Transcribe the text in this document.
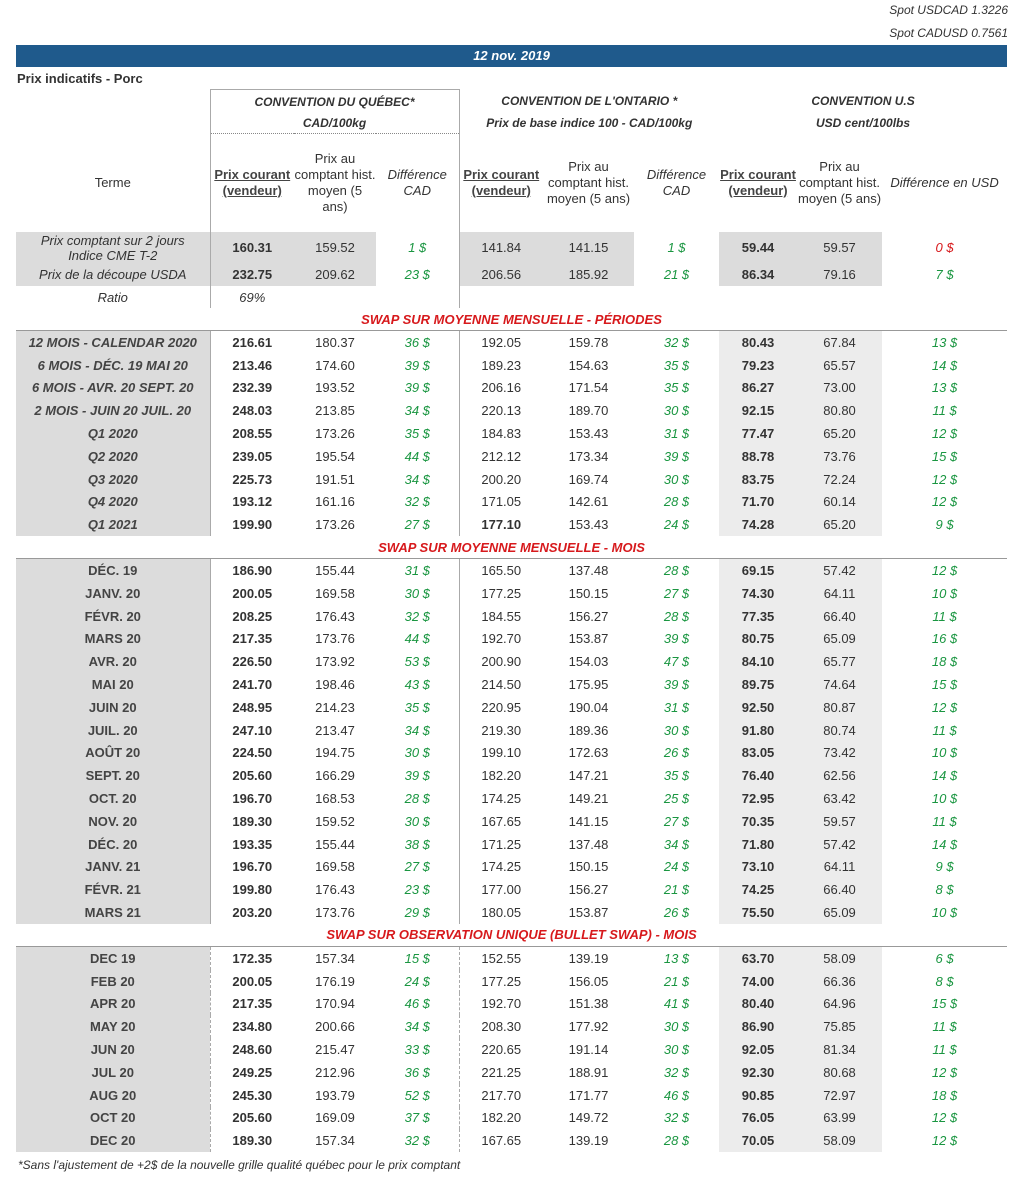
Spot USDCAD 1.3226
Spot CADUSD 0.7561
12 nov. 2019
Prix indicatifs - Porc
	CONVENTION DU QUÉBEC*			CONVENTION DE L'ONTARIO *			CONVENTION U.S		
	CAD/100kg			Prix de base indice 100 - CAD/100kg			USD cent/100lbs		
Terme	Prix courant (vendeur)	Prix au comptant hist. moyen (5 ans)	Différence CAD	Prix courant (vendeur)	Prix au comptant hist. moyen (5 ans)	Différence CAD	Prix courant (vendeur)	Prix au comptant hist. moyen (5 ans)	Différence en USD
Prix comptant sur 2 jours Indice CME T-2	160.31	159.52	1 $	141.84	141.15	1 $	59.44	59.57	0 $
Prix de la découpe USDA	232.75	209.62	23 $	206.56	185.92	21 $	86.34	79.16	7 $
Ratio	69%								
SWAP SUR MOYENNE MENSUELLE - PÉRIODES									
12 MOIS - CALENDAR 2020	216.61	180.37	36 $	192.05	159.78	32 $	80.43	67.84	13 $
6 MOIS - DÉC. 19 MAI 20	213.46	174.60	39 $	189.23	154.63	35 $	79.23	65.57	14 $
6 MOIS - AVR. 20 SEPT. 20	232.39	193.52	39 $	206.16	171.54	35 $	86.27	73.00	13 $
2 MOIS - JUIN 20 JUIL. 20	248.03	213.85	34 $	220.13	189.70	30 $	92.15	80.80	11 $
Q1 2020	208.55	173.26	35 $	184.83	153.43	31 $	77.47	65.20	12 $
Q2 2020	239.05	195.54	44 $	212.12	173.34	39 $	88.78	73.76	15 $
Q3 2020	225.73	191.51	34 $	200.20	169.74	30 $	83.75	72.24	12 $
Q4 2020	193.12	161.16	32 $	171.05	142.61	28 $	71.70	60.14	12 $
Q1 2021	199.90	173.26	27 $	177.10	153.43	24 $	74.28	65.20	9 $
SWAP SUR MOYENNE MENSUELLE - MOIS									
DÉC. 19	186.90	155.44	31 $	165.50	137.48	28 $	69.15	57.42	12 $
JANV. 20	200.05	169.58	30 $	177.25	150.15	27 $	74.30	64.11	10 $
FÉVR. 20	208.25	176.43	32 $	184.55	156.27	28 $	77.35	66.40	11 $
MARS 20	217.35	173.76	44 $	192.70	153.87	39 $	80.75	65.09	16 $
AVR. 20	226.50	173.92	53 $	200.90	154.03	47 $	84.10	65.77	18 $
MAI 20	241.70	198.46	43 $	214.50	175.95	39 $	89.75	74.64	15 $
JUIN 20	248.95	214.23	35 $	220.95	190.04	31 $	92.50	80.87	12 $
JUIL. 20	247.10	213.47	34 $	219.30	189.36	30 $	91.80	80.74	11 $
AOÛT 20	224.50	194.75	30 $	199.10	172.63	26 $	83.05	73.42	10 $
SEPT. 20	205.60	166.29	39 $	182.20	147.21	35 $	76.40	62.56	14 $
OCT. 20	196.70	168.53	28 $	174.25	149.21	25 $	72.95	63.42	10 $
NOV. 20	189.30	159.52	30 $	167.65	141.15	27 $	70.35	59.57	11 $
DÉC. 20	193.35	155.44	38 $	171.25	137.48	34 $	71.80	57.42	14 $
JANV. 21	196.70	169.58	27 $	174.25	150.15	24 $	73.10	64.11	9 $
FÉVR. 21	199.80	176.43	23 $	177.00	156.27	21 $	74.25	66.40	8 $
MARS 21	203.20	173.76	29 $	180.05	153.87	26 $	75.50	65.09	10 $
SWAP SUR OBSERVATION UNIQUE (BULLET SWAP) - MOIS									
DEC 19	172.35	157.34	15 $	152.55	139.19	13 $	63.70	58.09	6 $
FEB 20	200.05	176.19	24 $	177.25	156.05	21 $	74.00	66.36	8 $
APR 20	217.35	170.94	46 $	192.70	151.38	41 $	80.40	64.96	15 $
MAY 20	234.80	200.66	34 $	208.30	177.92	30 $	86.90	75.85	11 $
JUN 20	248.60	215.47	33 $	220.65	191.14	30 $	92.05	81.34	11 $
JUL 20	249.25	212.96	36 $	221.25	188.91	32 $	92.30	80.68	12 $
AUG 20	245.30	193.79	52 $	217.70	171.77	46 $	90.85	72.97	18 $
OCT 20	205.60	169.09	37 $	182.20	149.72	32 $	76.05	63.99	12 $
DEC 20	189.30	157.34	32 $	167.65	139.19	28 $	70.05	58.09	12 $
*Sans l'ajustement de +2$ de la nouvelle grille qualité québec pour le prix comptant
